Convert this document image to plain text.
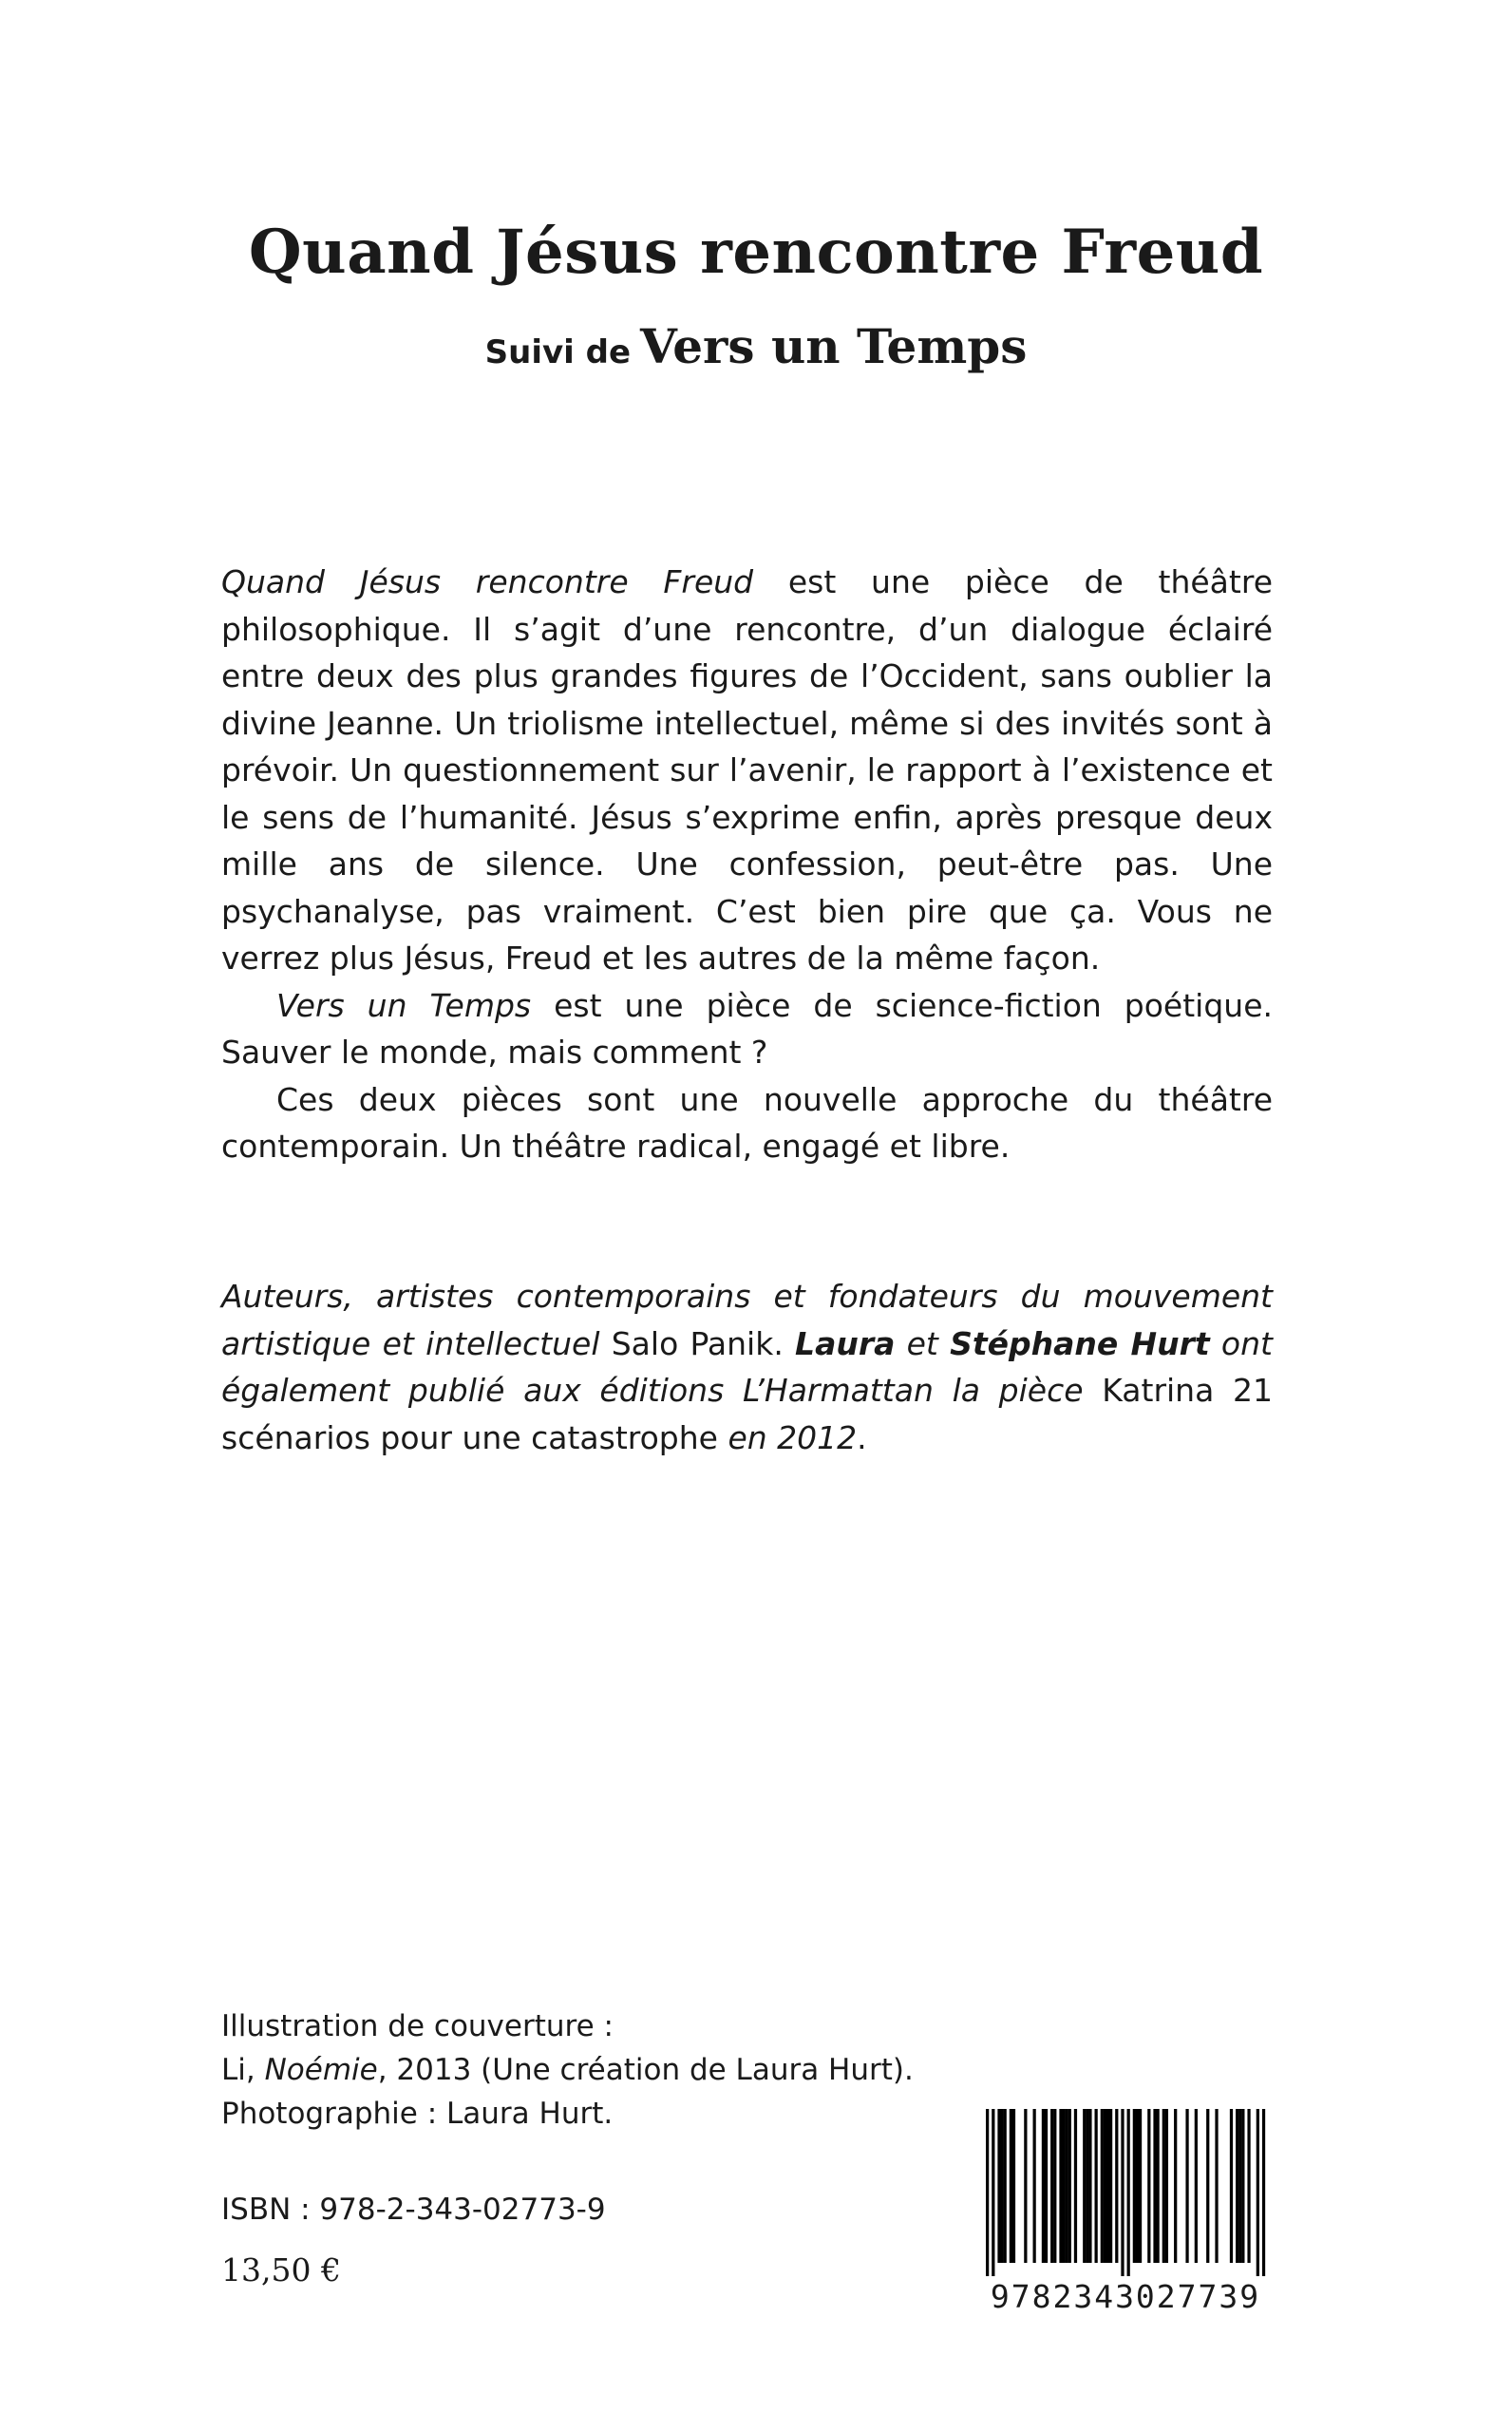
Quand Jésus rencontre Freud
Suivi de Vers un Temps

Quand Jésus rencontre Freud est une pièce de théâtre philosophique. Il s’agit d’une rencontre, d’un dialogue éclairé entre deux des plus grandes figures de l’Occident, sans oublier la divine Jeanne. Un triolisme intellectuel, même si des invités sont à prévoir. Un questionnement sur l’avenir, le rapport à l’existence et le sens de l’humanité. Jésus s’exprime enfin, après presque deux mille ans de silence. Une confession, peut-être pas. Une psychanalyse, pas vraiment. C’est bien pire que ça. Vous ne verrez plus Jésus, Freud et les autres de la même façon.

Vers un Temps est une pièce de science-fiction poétique. Sauver le monde, mais comment ?

Ces deux pièces sont une nouvelle approche du théâtre contemporain. Un théâtre radical, engagé et libre.

Auteurs, artistes contemporains et fondateurs du mouvement artistique et intellectuel Salo Panik. Laura et Stéphane Hurt ont également publié aux éditions L’Harmattan la pièce Katrina 21 scénarios pour une catastrophe en 2012.

Illustration de couverture :

Li, Noémie, 2013 (Une création de Laura Hurt).

Photographie : Laura Hurt.

ISBN : 978-2-343-02773-9
13,50 €
9782343027739
